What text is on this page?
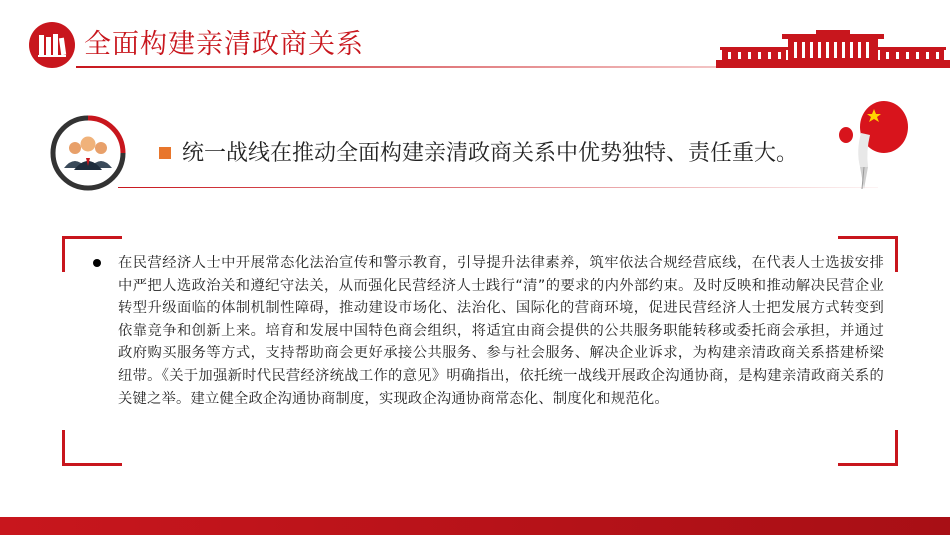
全面构建亲清政商关系
统一战线在推动全面构建亲清政商关系中优势独特、责任重大。
在民营经济人士中开展常态化法治宣传和警示教育，引导提升法律素养，筑牢依法合规经营底线，在代表人士选拔安排中严把人选政治关和遵纪守法关，从而强化民营经济人士践行“清”的要求的内外部约束。及时反映和推动解决民营企业转型升级面临的体制机制性障碍，推动建设市场化、法治化、国际化的营商环境，促进民营经济人士把发展方式转变到依靠竞争和创新上来。培育和发展中国特色商会组织，将适宜由商会提供的公共服务职能转移或委托商会承担，并通过政府购买服务等方式，支持帮助商会更好承接公共服务、参与社会服务、解决企业诉求，为构建亲清政商关系搭建桥梁纽带。《关于加强新时代民营经济统战工作的意见》明确指出，依托统一战线开展政企沟通协商，是构建亲清政商关系的关键之举。建立健全政企沟通协商制度，实现政企沟通协商常态化、制度化和规范化。
